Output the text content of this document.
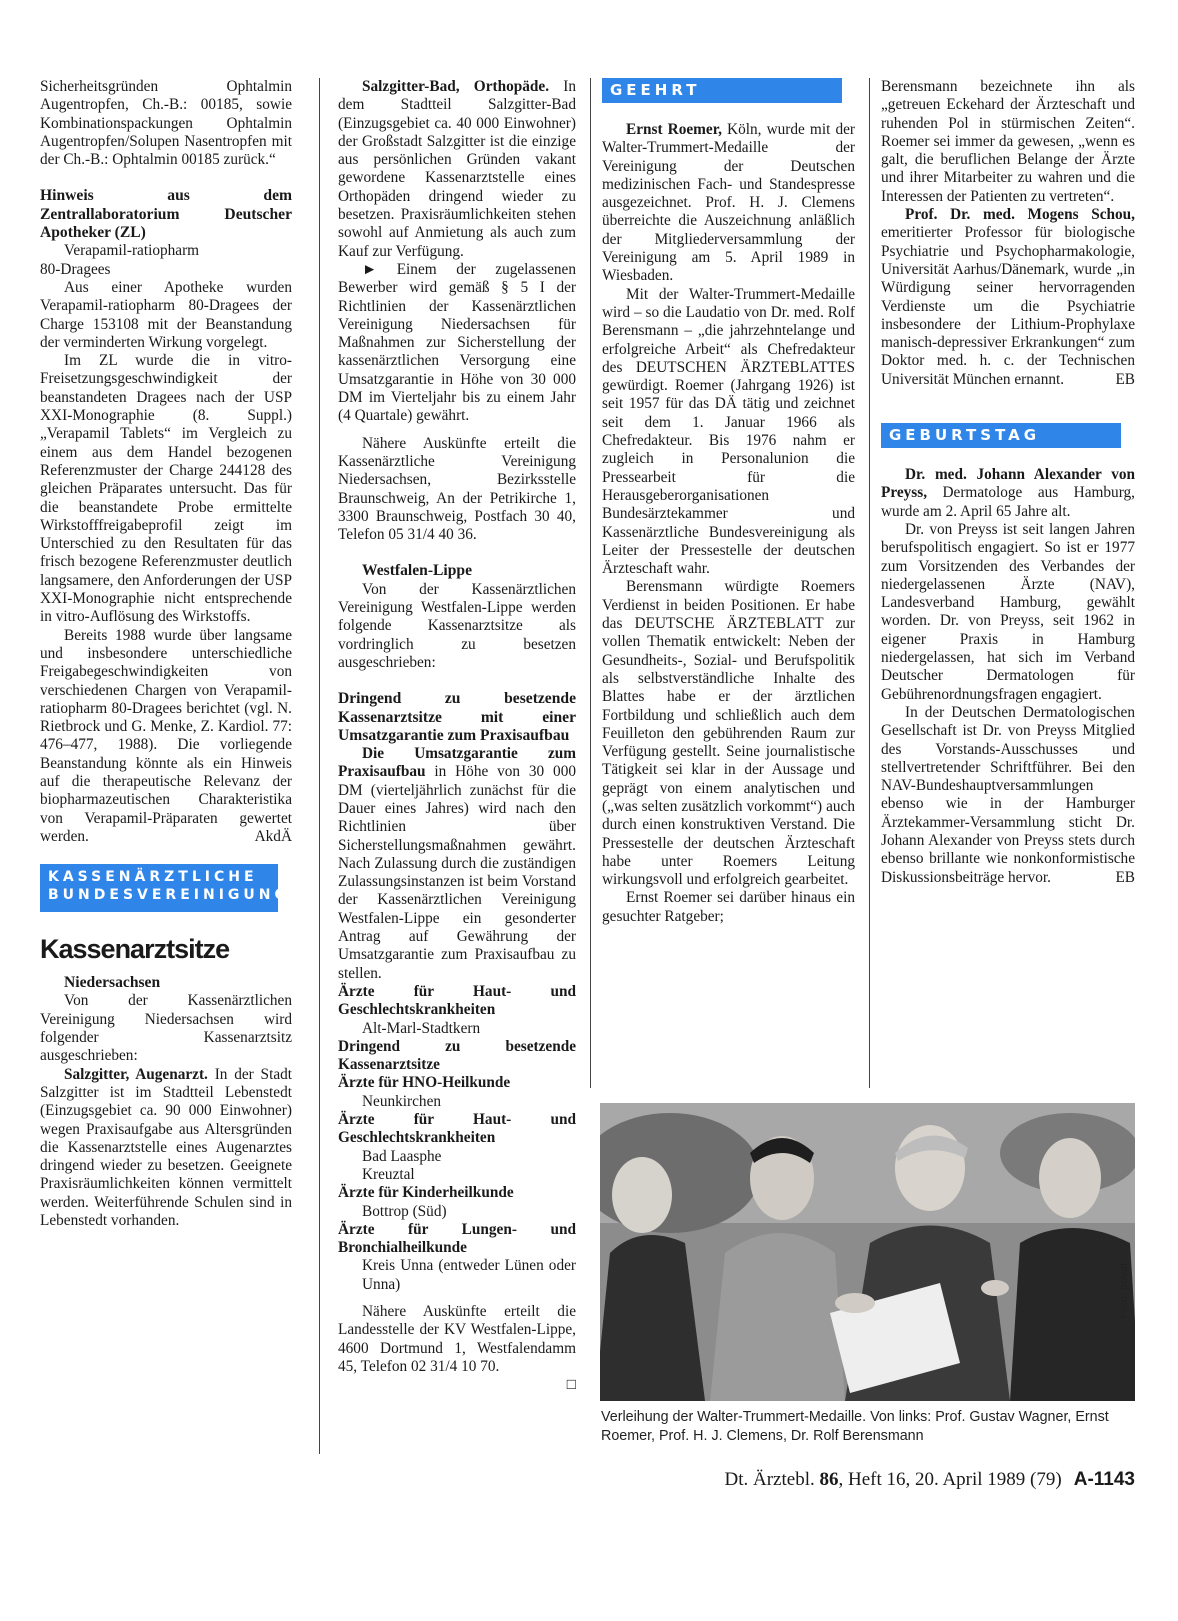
Sicherheitsgründen Ophtalmin Augentropfen, Ch.-B.: 00185, sowie Kombinationspackungen Ophtalmin Augentropfen/Solupen Nasentropfen mit der Ch.-B.: Ophtalmin 00185 zurück.“

Hinweis aus dem Zentrallaboratorium Deutscher Apotheker (ZL)

Verapamil-ratiopharm

80-Dragees

Aus einer Apotheke wurden Verapamil-ratiopharm 80-Dragees der Charge 153108 mit der Beanstandung der verminderten Wirkung vorgelegt.

Im ZL wurde die in vitro-Freisetzungsgeschwindigkeit der beanstandeten Dragees nach der USP XXI-Monographie (8. Suppl.) „Verapamil Tablets“ im Vergleich zu einem aus dem Handel bezogenen Referenzmuster der Charge 244128 des gleichen Präparates untersucht. Das für die beanstandete Probe ermittelte Wirkstofffreigabeprofil zeigt im Unterschied zu den Resultaten für das frisch bezogene Referenzmuster deutlich langsamere, den Anforderungen der USP XXI-Monographie nicht entsprechende in vitro-Auflösung des Wirkstoffs.

Bereits 1988 wurde über langsame und insbesondere unterschiedliche Freigabegeschwindigkeiten von verschiedenen Chargen von Verapamil-ratiopharm 80-Dragees berichtet (vgl. N. Rietbrock und G. Menke, Z. Kardiol. 77: 476–477, 1988). Die vorliegende Beanstandung könnte als ein Hinweis auf die therapeutische Relevanz der biopharmazeutischen Charakteristika von Verapamil-Präparaten gewertet werden.	AkdÄ

KASSENÄRZTLICHE
BUNDESVEREINIGUNG
Kassenarztsitze
Niedersachsen

Von der Kassenärztlichen Vereinigung Niedersachsen wird folgender Kassenarztsitz ausgeschrieben:

Salzgitter, Augenarzt. In der Stadt Salzgitter ist im Stadtteil Lebenstedt (Einzugsgebiet ca. 90 000 Einwohner) wegen Praxisaufgabe aus Altersgründen die Kassenarztstelle eines Augenarztes dringend wieder zu besetzen. Geeignete Praxisräumlichkeiten können vermittelt werden. Weiterführende Schulen sind in Lebenstedt vorhanden.

Salzgitter-Bad, Orthopäde. In dem Stadtteil Salzgitter-Bad (Einzugsgebiet ca. 40 000 Einwohner) der Großstadt Salzgitter ist die einzige aus persönlichen Gründen vakant gewordene Kassenarztstelle eines Orthopäden dringend wieder zu besetzen. Praxisräumlichkeiten stehen sowohl auf Anmietung als auch zum Kauf zur Verfügung.

► Einem der zugelassenen Bewerber wird gemäß § 5 I der Richtlinien der Kassenärztlichen Vereinigung Niedersachsen für Maßnahmen zur Sicherstellung der kassenärztlichen Versorgung eine Umsatzgarantie in Höhe von 30 000 DM im Vierteljahr bis zu einem Jahr (4 Quartale) gewährt.

Nähere Auskünfte erteilt die Kassenärztliche Vereinigung Niedersachsen, Bezirksstelle Braunschweig, An der Petrikirche 1, 3300 Braunschweig, Postfach 30 40, Telefon 05 31/4 40 36.

Westfalen-Lippe

Von der Kassenärztlichen Vereinigung Westfalen-Lippe werden folgende Kassenarztsitze als vordringlich zu besetzen ausgeschrieben:

Dringend zu besetzende Kassenarztsitze mit einer Umsatzgarantie zum Praxisaufbau

Die Umsatzgarantie zum Praxisaufbau in Höhe von 30 000 DM (vierteljährlich zunächst für die Dauer eines Jahres) wird nach den Richtlinien über Sicherstellungsmaßnahmen gewährt. Nach Zulassung durch die zuständigen Zulassungsinstanzen ist beim Vorstand der Kassenärztlichen Vereinigung Westfalen-Lippe ein gesonderter Antrag auf Gewährung der Umsatzgarantie zum Praxisaufbau zu stellen.

Ärzte für Haut- und Geschlechtskrankheiten
Alt-Marl-Stadtkern
Dringend zu besetzende Kassenarztsitze
Ärzte für HNO-Heilkunde
Neunkirchen
Ärzte für Haut- und Geschlechtskrankheiten
Bad Laasphe
Kreuztal
Ärzte für Kinderheilkunde
Bottrop (Süd)
Ärzte für Lungen- und Bronchialheilkunde
Kreis Unna (entweder Lünen oder Unna)

Nähere Auskünfte erteilt die Landesstelle der KV Westfalen-Lippe, 4600 Dortmund 1, Westfalendamm 45, Telefon 02 31/4 10 70.

□
GEEHRT

Ernst Roemer, Köln, wurde mit der Walter-Trummert-Medaille der Vereinigung der Deutschen medizinischen Fach- und Standespresse ausgezeichnet. Prof. H. J. Clemens überreichte die Auszeichnung anläßlich der Mitgliederversammlung der Vereinigung am 5. April 1989 in Wiesbaden.

Mit der Walter-Trummert-Medaille wird – so die Laudatio von Dr. med. Rolf Berensmann – „die jahrzehntelange und erfolgreiche Arbeit“ als Chefredakteur des DEUTSCHEN ÄRZTEBLATTES gewürdigt. Roemer (Jahrgang 1926) ist seit 1957 für das DÄ tätig und zeichnet seit dem 1. Januar 1966 als Chefredakteur. Bis 1976 nahm er zugleich in Personalunion die Pressearbeit für die Herausgeberorganisationen Bundesärztekammer und Kassenärztliche Bundesvereinigung als Leiter der Pressestelle der deutschen Ärzteschaft wahr.

Berensmann würdigte Roemers Verdienst in beiden Positionen. Er habe das DEUTSCHE ÄRZTEBLATT zur vollen Thematik entwickelt: Neben der Gesundheits-, Sozial- und Berufspolitik als selbstverständliche Inhalte des Blattes habe er der ärztlichen Fortbildung und schließlich auch dem Feuilleton den gebührenden Raum zur Verfügung gestellt. Seine journalistische Tätigkeit sei klar in der Aussage und geprägt von einem analytischen und („was selten zusätzlich vorkommt“) auch durch einen konstruktiven Verstand. Die Pressestelle der deutschen Ärzteschaft habe unter Roemers Leitung wirkungsvoll und erfolgreich gearbeitet.

Ernst Roemer sei darüber hinaus ein gesuchter Ratgeber;

Berensmann bezeichnete ihn als „getreuen Eckehard der Ärzteschaft und ruhenden Pol in stürmischen Zeiten“. Roemer sei immer da gewesen, „wenn es galt, die beruflichen Belange der Ärzte und ihrer Mitarbeiter zu wahren und die Interessen der Patienten zu vertreten“.

Prof. Dr. med. Mogens Schou, emeritierter Professor für biologische Psychiatrie und Psychopharmakologie, Universität Aarhus/Dänemark, wurde „in Würdigung seiner hervorragenden Verdienste um die Psychiatrie insbesondere der Lithium-Prophylaxe manisch-depressiver Erkrankungen“ zum Doktor med. h. c. der Technischen Universität München ernannt.	EB

GEBURTSTAG

Dr. med. Johann Alexander von Preyss, Dermatologe aus Hamburg, wurde am 2. April 65 Jahre alt.

Dr. von Preyss ist seit langen Jahren berufspolitisch engagiert. So ist er 1977 zum Vorsitzenden des Verbandes der niedergelassenen Ärzte (NAV), Landesverband Hamburg, gewählt worden. Dr. von Preyss, seit 1962 in eigener Praxis in Hamburg niedergelassen, hat sich im Verband Deutscher Dermatologen für Gebührenordnungsfragen engagiert.

In der Deutschen Dermatologischen Gesellschaft ist Dr. von Preyss Mitglied des Vorstands-Ausschusses und stellvertretender Schriftführer. Bei den NAV-Bundeshauptversammlungen ebenso wie in der Hamburger Ärztekammer-Versammlung sticht Dr. Johann Alexander von Preyss stets durch ebenso brillante wie nonkonformistische Diskussionsbeiträge hervor.	EB

Foto: privat
Verleihung der Walter-Trummert-Medaille. Von links: Prof. Gustav Wagner, Ernst Roemer, Prof. H. J. Clemens, Dr. Rolf Berensmann
Dt. Ärztebl. 86, Heft 16, 20. April 1989 (79) A-1143
